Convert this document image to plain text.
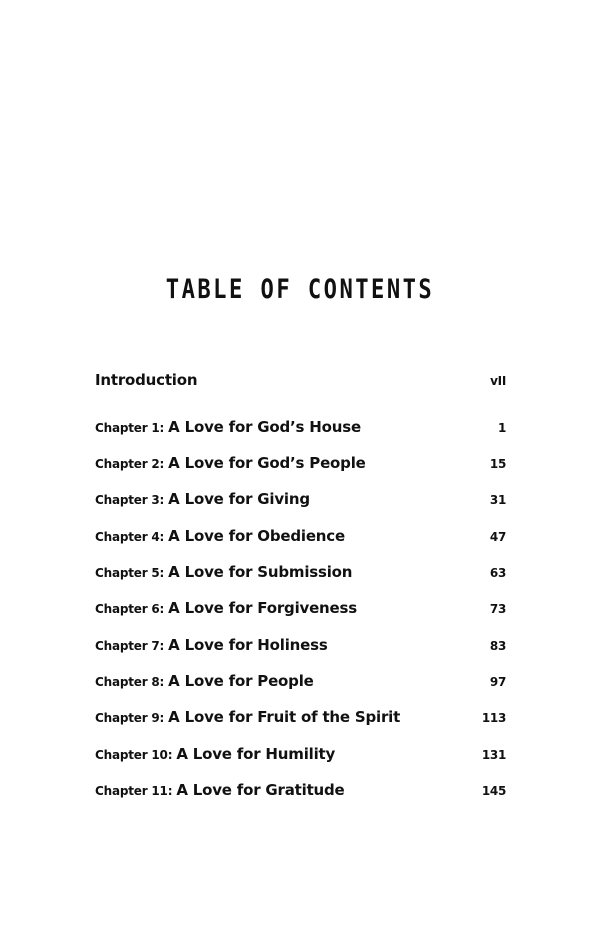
TABLE OF CONTENTS
Introduction	vII
Chapter 1: A Love for God’s House	1
Chapter 2: A Love for God’s People	15
Chapter 3: A Love for Giving	31
Chapter 4: A Love for Obedience	47
Chapter 5: A Love for Submission	63
Chapter 6: A Love for Forgiveness	73
Chapter 7: A Love for Holiness	83
Chapter 8: A Love for People	97
Chapter 9: A Love for Fruit of the Spirit	113
Chapter 10: A Love for Humility	131
Chapter 11: A Love for Gratitude	145
